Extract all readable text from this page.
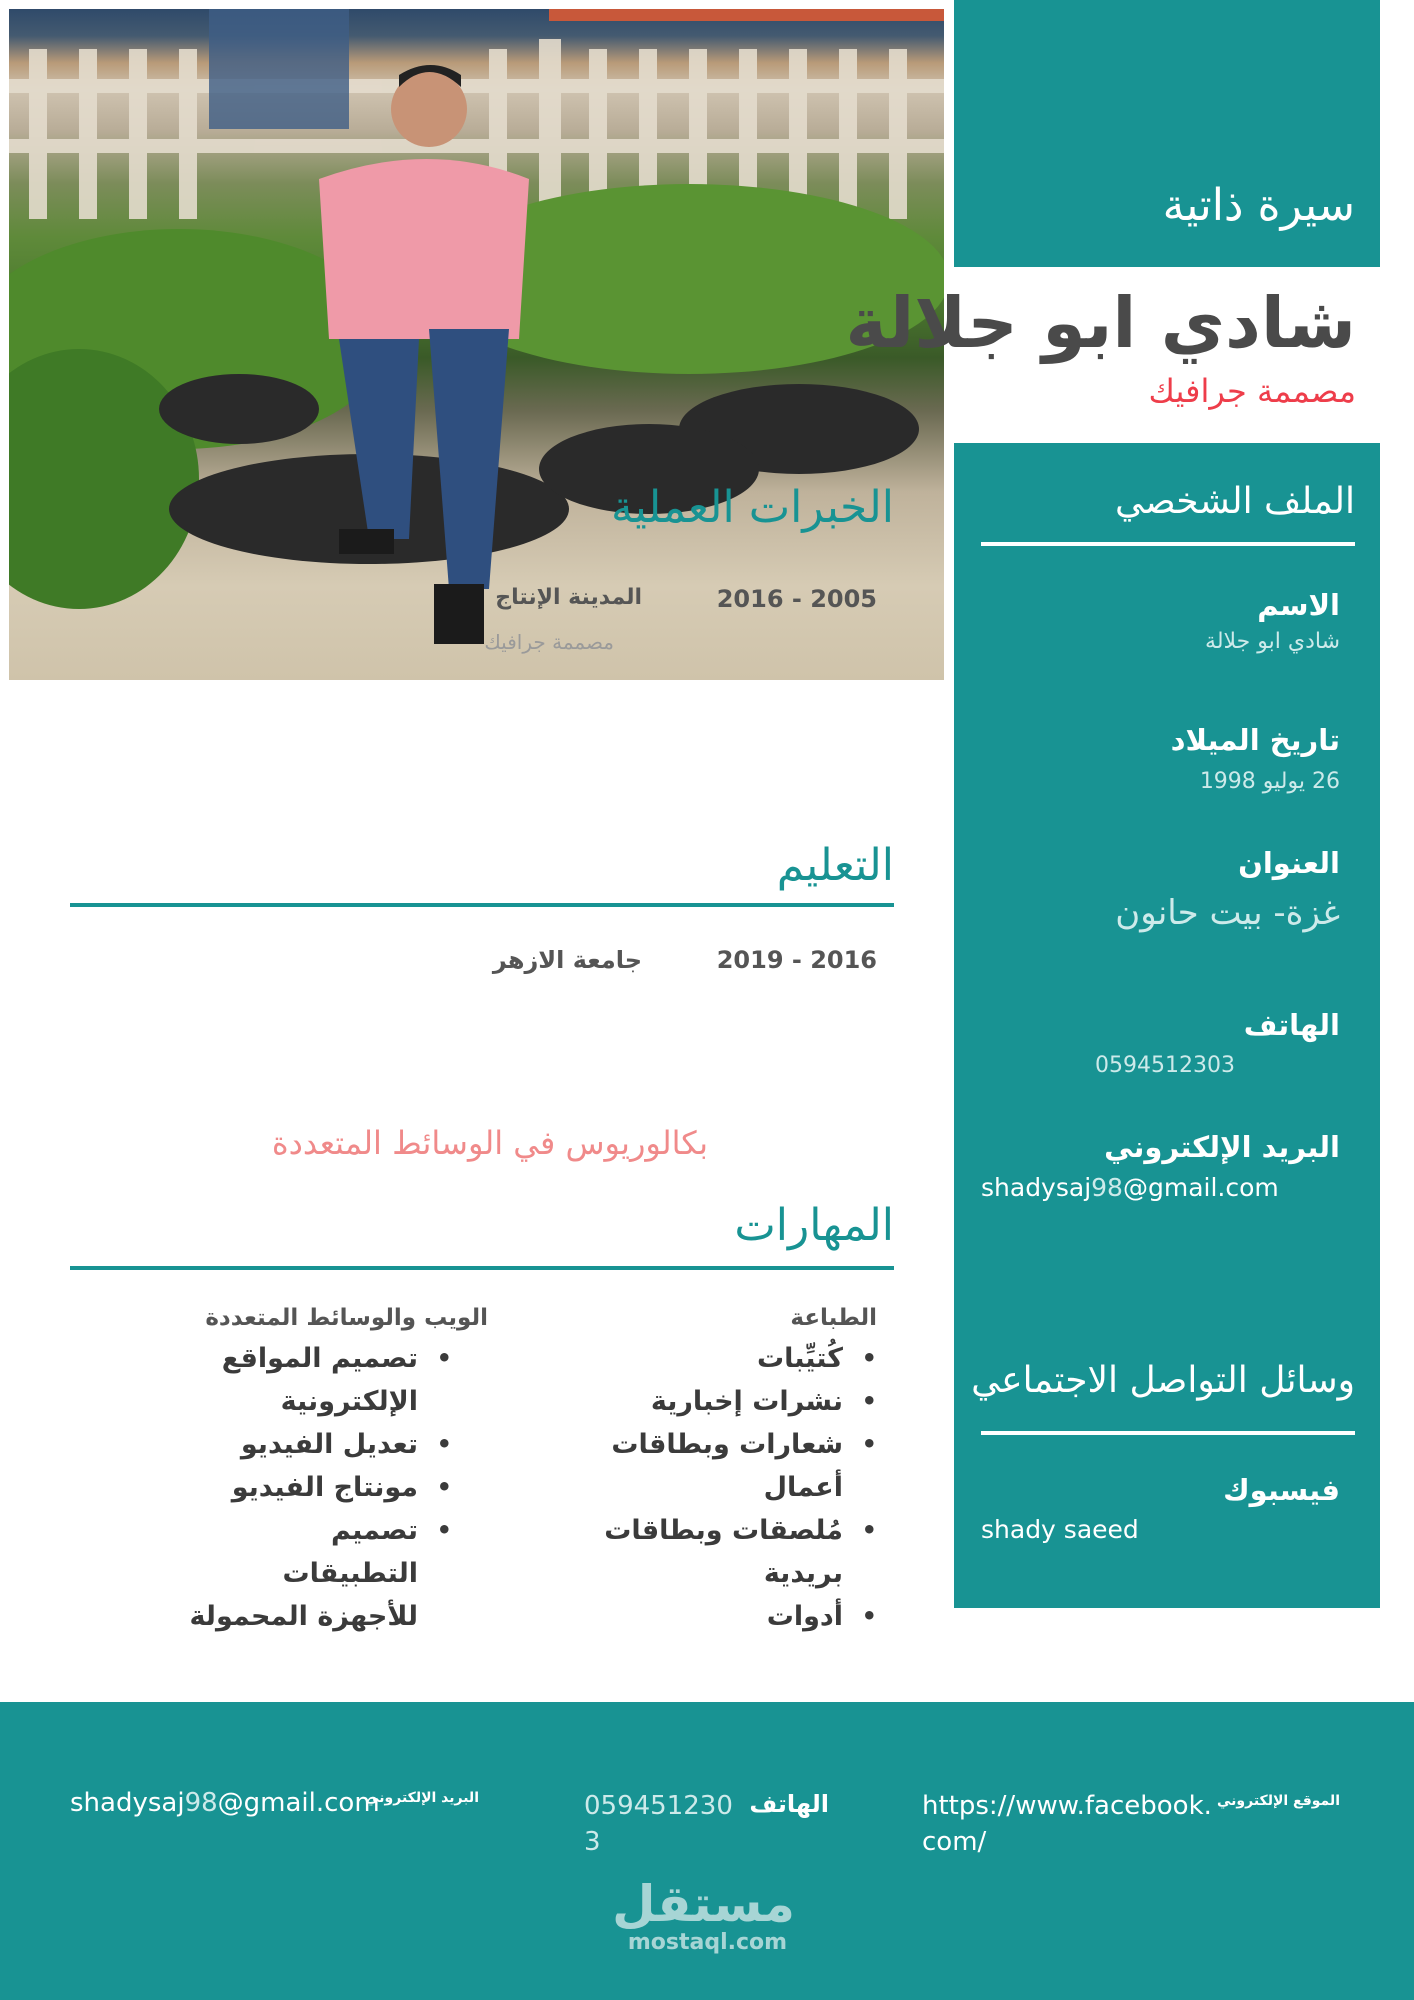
الخبرات العملية
2005 - 2016
المدينة الإنتاج
مصممة جرافيك
سيرة ذاتية
شادي ابو جلالة
مصممة جرافيك
الملف الشخصي
الاسم
شادي ابو جلالة
تاريخ الميلاد
26 يوليو 1998
العنوان
غزة- بيت حانون
الهاتف
0594512303
البريد الإلكتروني
shadysaj98@gmail.com
وسائل التواصل الاجتماعي
فيسبوك
shady saeed
التعليم
2016 - 2019
جامعة الازهر
بكالوريوس في الوسائط المتعددة
المهارات
الطباعة
• كُتيِّبات
• نشرات إخبارية
• شعارات وبطاقات أعمال
• مُلصقات وبطاقات بريدية
• أدوات
الويب والوسائط المتعددة
• تصميم المواقع الإلكترونية
• تعديل الفيديو
• مونتاج الفيديو
• تصميم التطبيقات للأجهزة المحمولة
الموقع الإلكتروني
https://www.facebook.com/
الهاتف
0594512303
البريد الإلكتروني
shadysaj98@gmail.com
مستقل
mostaql.com
